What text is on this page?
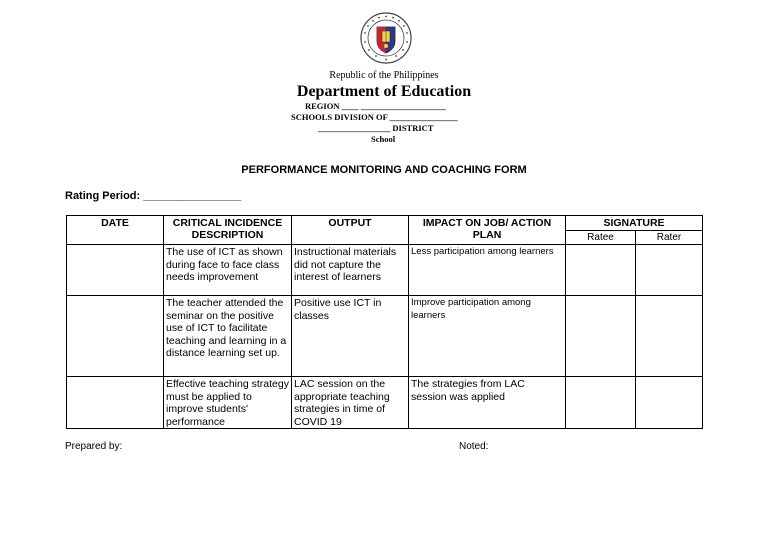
Republic of the Philippines
Department of Education
REGION ____ ____________________
SCHOOLS DIVISION OF ________________
_________________ DISTRICT
School
PERFORMANCE MONITORING AND COACHING FORM
Rating Period: ________________
DATE	CRITICAL INCIDENCE DESCRIPTION	OUTPUT	IMPACT ON JOB/ ACTION PLAN	SIGNATURE	
				Ratee	Rater
	The use of ICT as shown during face to face class needs improvement	Instructional materials did not capture the interest of learners	Less participation among learners		
	The teacher attended the seminar on the positive use of ICT to facilitate teaching and learning in a distance learning set up.	Positive use ICT in classes	Improve participation among learners		
	Effective teaching strategy must be applied to improve students' performance	LAC session on the appropriate teaching strategies in time of COVID 19	The strategies from LAC session was applied		
Prepared by:	Noted:
